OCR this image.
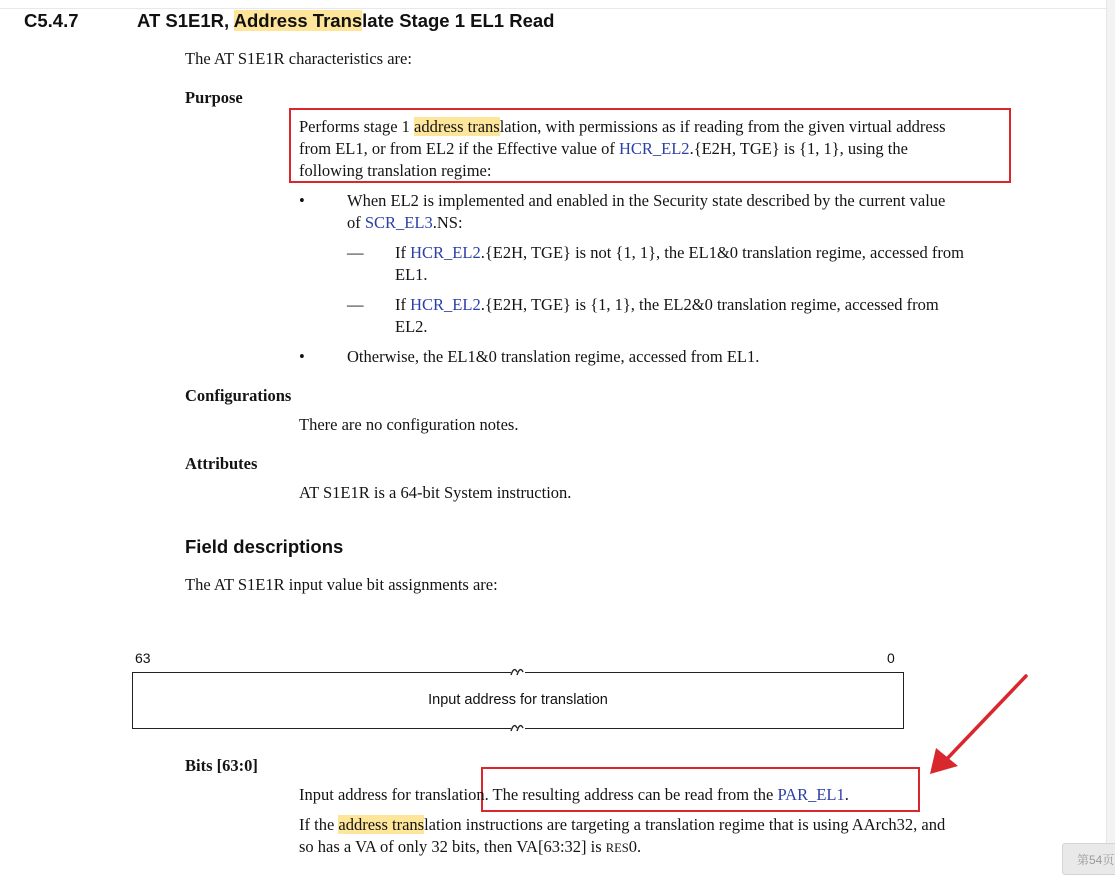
C5.4.7	AT S1E1R, Address Translate Stage 1 EL1 Read
The AT S1E1R characteristics are:
Purpose
Performs stage 1 address translation, with permissions as if reading from the given virtual address
from EL1, or from EL2 if the Effective value of HCR_EL2.{E2H, TGE} is {1, 1}, using the
following translation regime:
•	When EL2 is implemented and enabled in the Security state described by the current value
of SCR_EL3.NS:
— If HCR_EL2.{E2H, TGE} is not {1, 1}, the EL1&0 translation regime, accessed from
EL1.
— If HCR_EL2.{E2H, TGE} is {1, 1}, the EL2&0 translation regime, accessed from
EL2.
•	Otherwise, the EL1&0 translation regime, accessed from EL1.
Configurations
There are no configuration notes.
Attributes
AT S1E1R is a 64-bit System instruction.
Field descriptions
The AT S1E1R input value bit assignments are:
63	0
Input address for translation
Bits [63:0]
Input address for translation. The resulting address can be read from the PAR_EL1.
If the address translation instructions are targeting a translation regime that is using AArch32, and
so has a VA of only 32 bits, then VA[63:32] is RES0.
第54页
